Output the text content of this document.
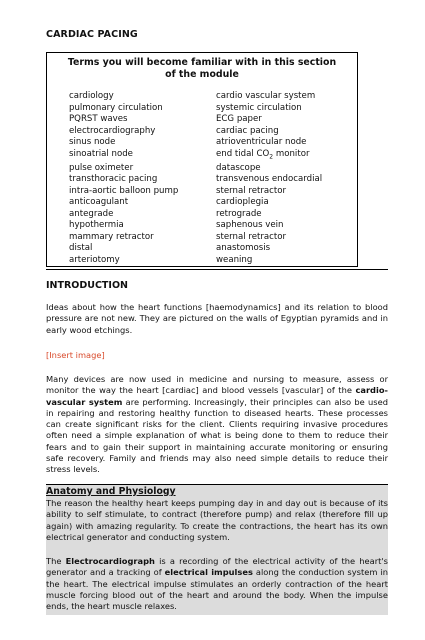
CARDIAC PACING
Terms you will become familiar with in this section of the module
cardiology	cardio vascular system
pulmonary circulation	systemic circulation
PQRST waves	ECG paper
electrocardiography	cardiac pacing
sinus node	atrioventricular node
sinoatrial node	end tidal $CO_2$ monitor
pulse oximeter	datascope
transthoracic pacing	transvenous endocardial
intra-aortic balloon pump	sternal retractor
anticoagulant	cardioplegia
antegrade	retrograde
hypothermia	saphenous vein
mammary retractor	sternal retractor
distal	anastomosis
arteriotomy	weaning
INTRODUCTION
Ideas about how the heart functions [haemodynamics] and its relation to blood pressure are not new. They are pictured on the walls of Egyptian pyramids and in early wood etchings.
[Insert image]
Many devices are now used in medicine and nursing to measure, assess or monitor the way the heart [cardiac] and blood vessels [vascular] of the cardio-vascular system are performing. Increasingly, their principles can also be used in repairing and restoring healthy function to diseased hearts. These processes can create significant risks for the client. Clients requiring invasive procedures often need a simple explanation of what is being done to them to reduce their fears and to gain their support in maintaining accurate monitoring or ensuring safe recovery. Family and friends may also need simple details to reduce their stress levels.
Anatomy and Physiology
The reason the healthy heart keeps pumping day in and day out is because of its ability to self stimulate, to contract (therefore pump) and relax (therefore fill up again) with amazing regularity. To create the contractions, the heart has its own electrical generator and conducting system.
The Electrocardiograph is a recording of the electrical activity of the heart's generator and a tracking of electrical impulses along the conduction system in the heart. The electrical impulse stimulates an orderly contraction of the heart muscle forcing blood out of the heart and around the body. When the impulse ends, the heart muscle relaxes.
